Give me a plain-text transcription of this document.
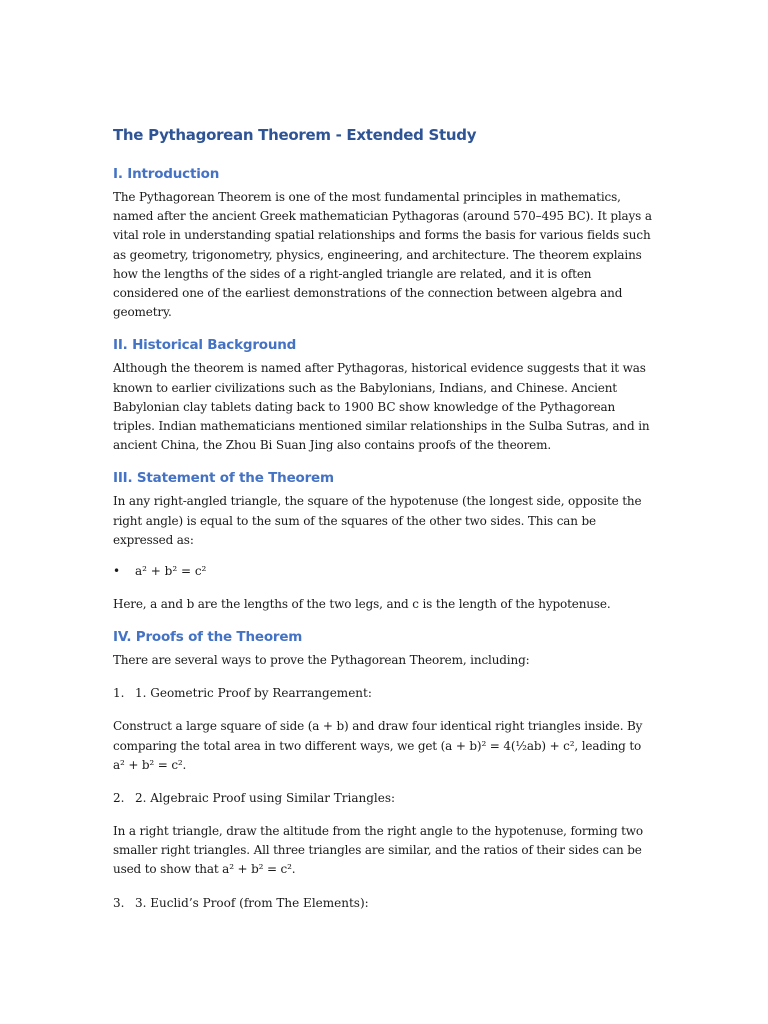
The Pythagorean Theorem - Extended Study
I. Introduction

The Pythagorean Theorem is one of the most fundamental principles in mathematics, named after the ancient Greek mathematician Pythagoras (around 570–495 BC). It plays a vital role in understanding spatial relationships and forms the basis for various fields such as geometry, trigonometry, physics, engineering, and architecture. The theorem explains how the lengths of the sides of a right-angled triangle are related, and it is often considered one of the earliest demonstrations of the connection between algebra and geometry.

II. Historical Background

Although the theorem is named after Pythagoras, historical evidence suggests that it was known to earlier civilizations such as the Babylonians, Indians, and Chinese. Ancient Babylonian clay tablets dating back to 1900 BC show knowledge of the Pythagorean triples. Indian mathematicians mentioned similar relationships in the Sulba Sutras, and in ancient China, the Zhou Bi Suan Jing also contains proofs of the theorem.

III. Statement of the Theorem

In any right-angled triangle, the square of the hypotenuse (the longest side, opposite the right angle) is equal to the sum of the squares of the other two sides. This can be expressed as:

•	a² + b² = c²

Here, a and b are the lengths of the two legs, and c is the length of the hypotenuse.

IV. Proofs of the Theorem

There are several ways to prove the Pythagorean Theorem, including:

1. 1. Geometric Proof by Rearrangement:

Construct a large square of side (a + b) and draw four identical right triangles inside. By comparing the total area in two different ways, we get (a + b)² = 4(½ab) + c², leading to a² + b² = c².

2. 2. Algebraic Proof using Similar Triangles:

In a right triangle, draw the altitude from the right angle to the hypotenuse, forming two smaller right triangles. All three triangles are similar, and the ratios of their sides can be used to show that a² + b² = c².

3. 3. Euclid’s Proof (from The Elements):
